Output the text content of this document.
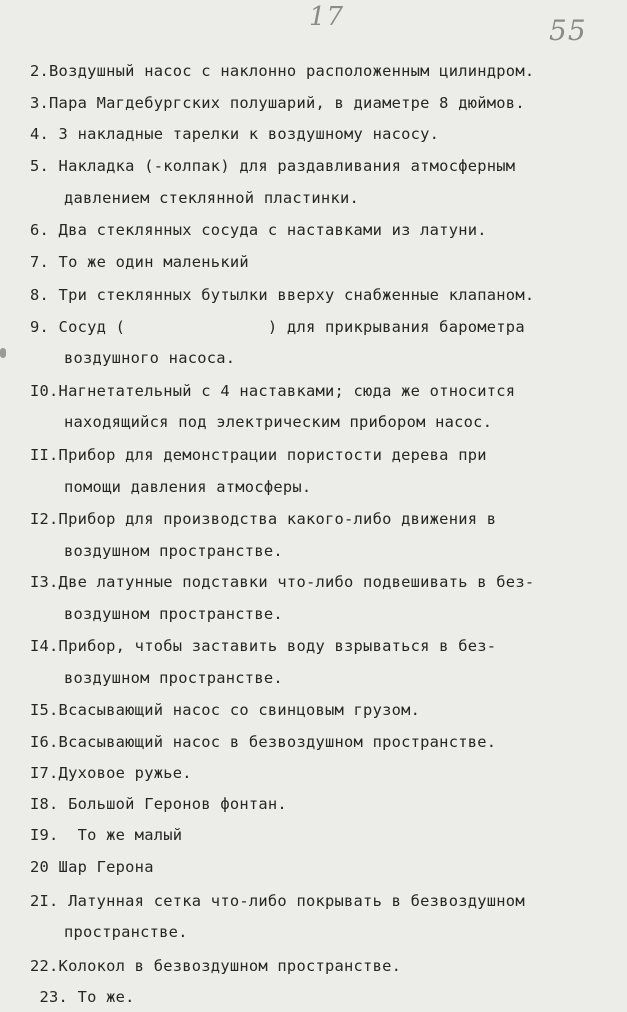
17	55
2.Воздушный насос с наклонно расположенным цилиндром.
3.Пара Магдебургских полушарий, в диаметре 8 дюймов.
4. 3 накладные тарелки к воздушному насосу.
5. Накладка (-колпак) для раздавливания атмосферным
давлением стеклянной пластинки.
6. Два стеклянных сосуда с наставками из латуни.
7. То же один маленький
8. Три стеклянных бутылки вверху снабженные клапаном.
9. Сосуд (               ) для прикрывания барометра
воздушного насоса.
I0.Нагнетательный с 4 наставками; сюда же относится
находящийся под электрическим прибором насос.
II.Прибор для демонстрации пористости дерева при
помощи давления атмосферы.
I2.Прибор для производства какого-либо движения в
воздушном пространстве.
I3.Две латунные подставки что-либо подвешивать в без-
воздушном пространстве.
I4.Прибор, чтобы заставить воду взрываться в без-
воздушном пространстве.
I5.Всасывающий насос со свинцовым грузом.
I6.Всасывающий насос в безвоздушном пространстве.
I7.Духовое ружье.
I8. Большой Геронов фонтан.
I9.  То же малый
20 Шар Герона
2I. Латунная сетка что-либо покрывать в безвоздушном
пространстве.
22.Колокол в безвоздушном пространстве.
23. То же.
